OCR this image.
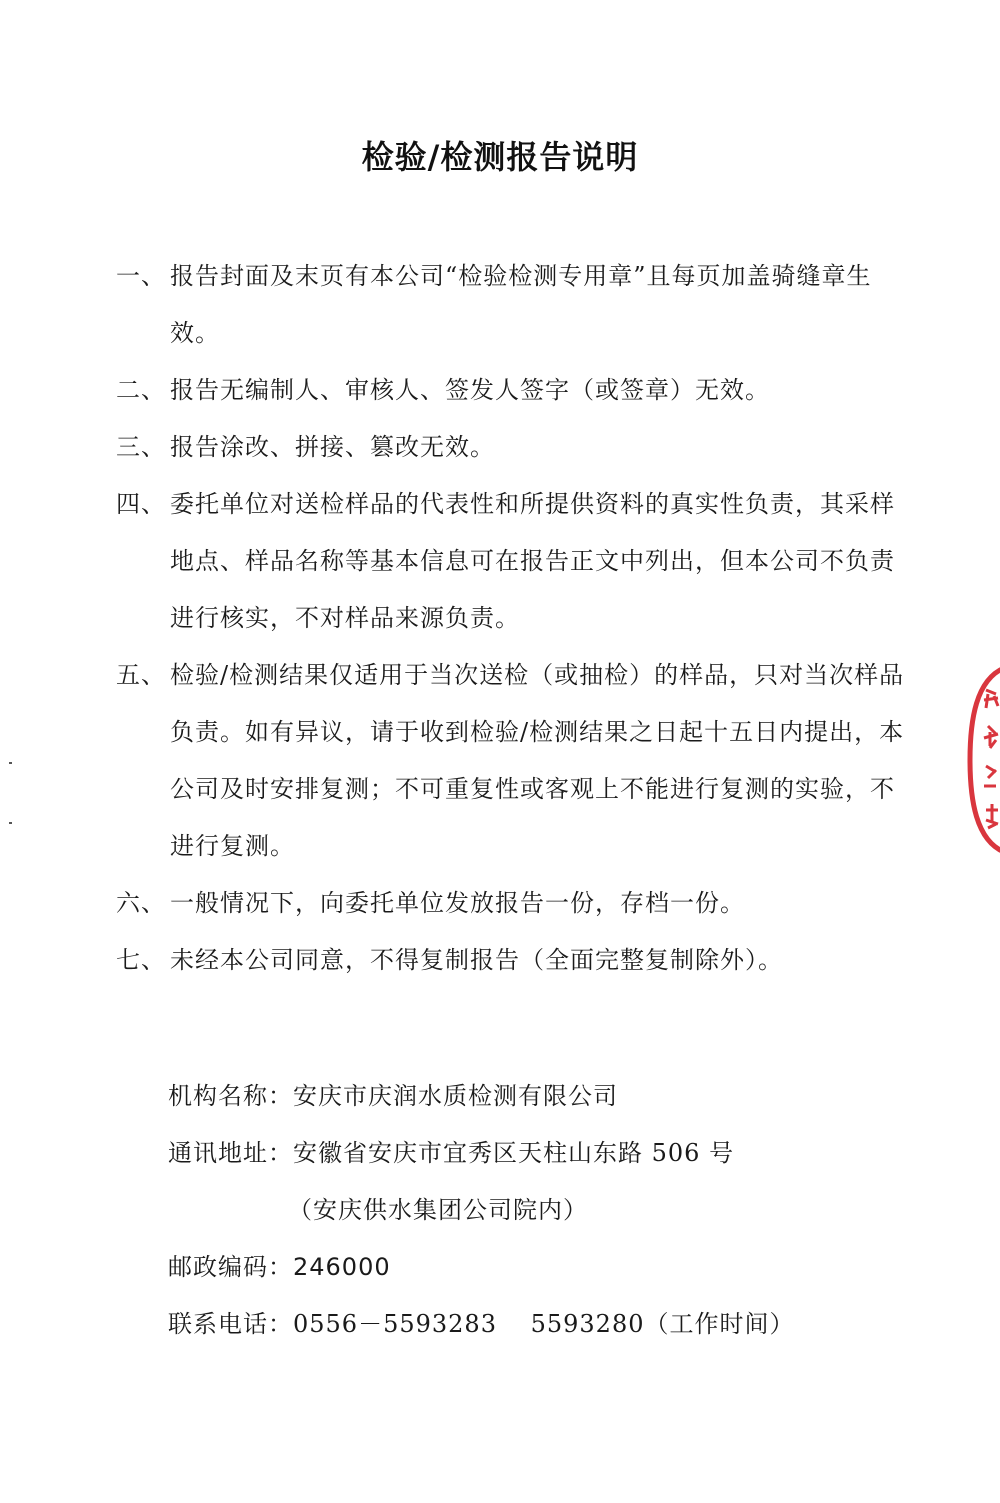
检验/检测报告说明
一、 报告封面及末页有本公司“检验检测专用章”且每页加盖骑缝章生效。
二、 报告无编制人、审核人、签发人签字（或签章）无效。
三、 报告涂改、拼接、篡改无效。
四、 委托单位对送检样品的代表性和所提供资料的真实性负责，其采样地点、样品名称等基本信息可在报告正文中列出，但本公司不负责进行核实，不对样品来源负责。
五、 检验/检测结果仅适用于当次送检（或抽检）的样品，只对当次样品负责。如有异议，请于收到检验/检测结果之日起十五日内提出，本公司及时安排复测；不可重复性或客观上不能进行复测的实验，不进行复测。
六、 一般情况下，向委托单位发放报告一份，存档一份。
七、 未经本公司同意，不得复制报告（全面完整复制除外）。
机构名称： 安庆市庆润水质检测有限公司
通讯地址： 安徽省安庆市宜秀区天柱山东路 506 号
（安庆供水集团公司院内）
邮政编码： 246000
联系电话： 0556－5593283　 5593280（工作时间）
